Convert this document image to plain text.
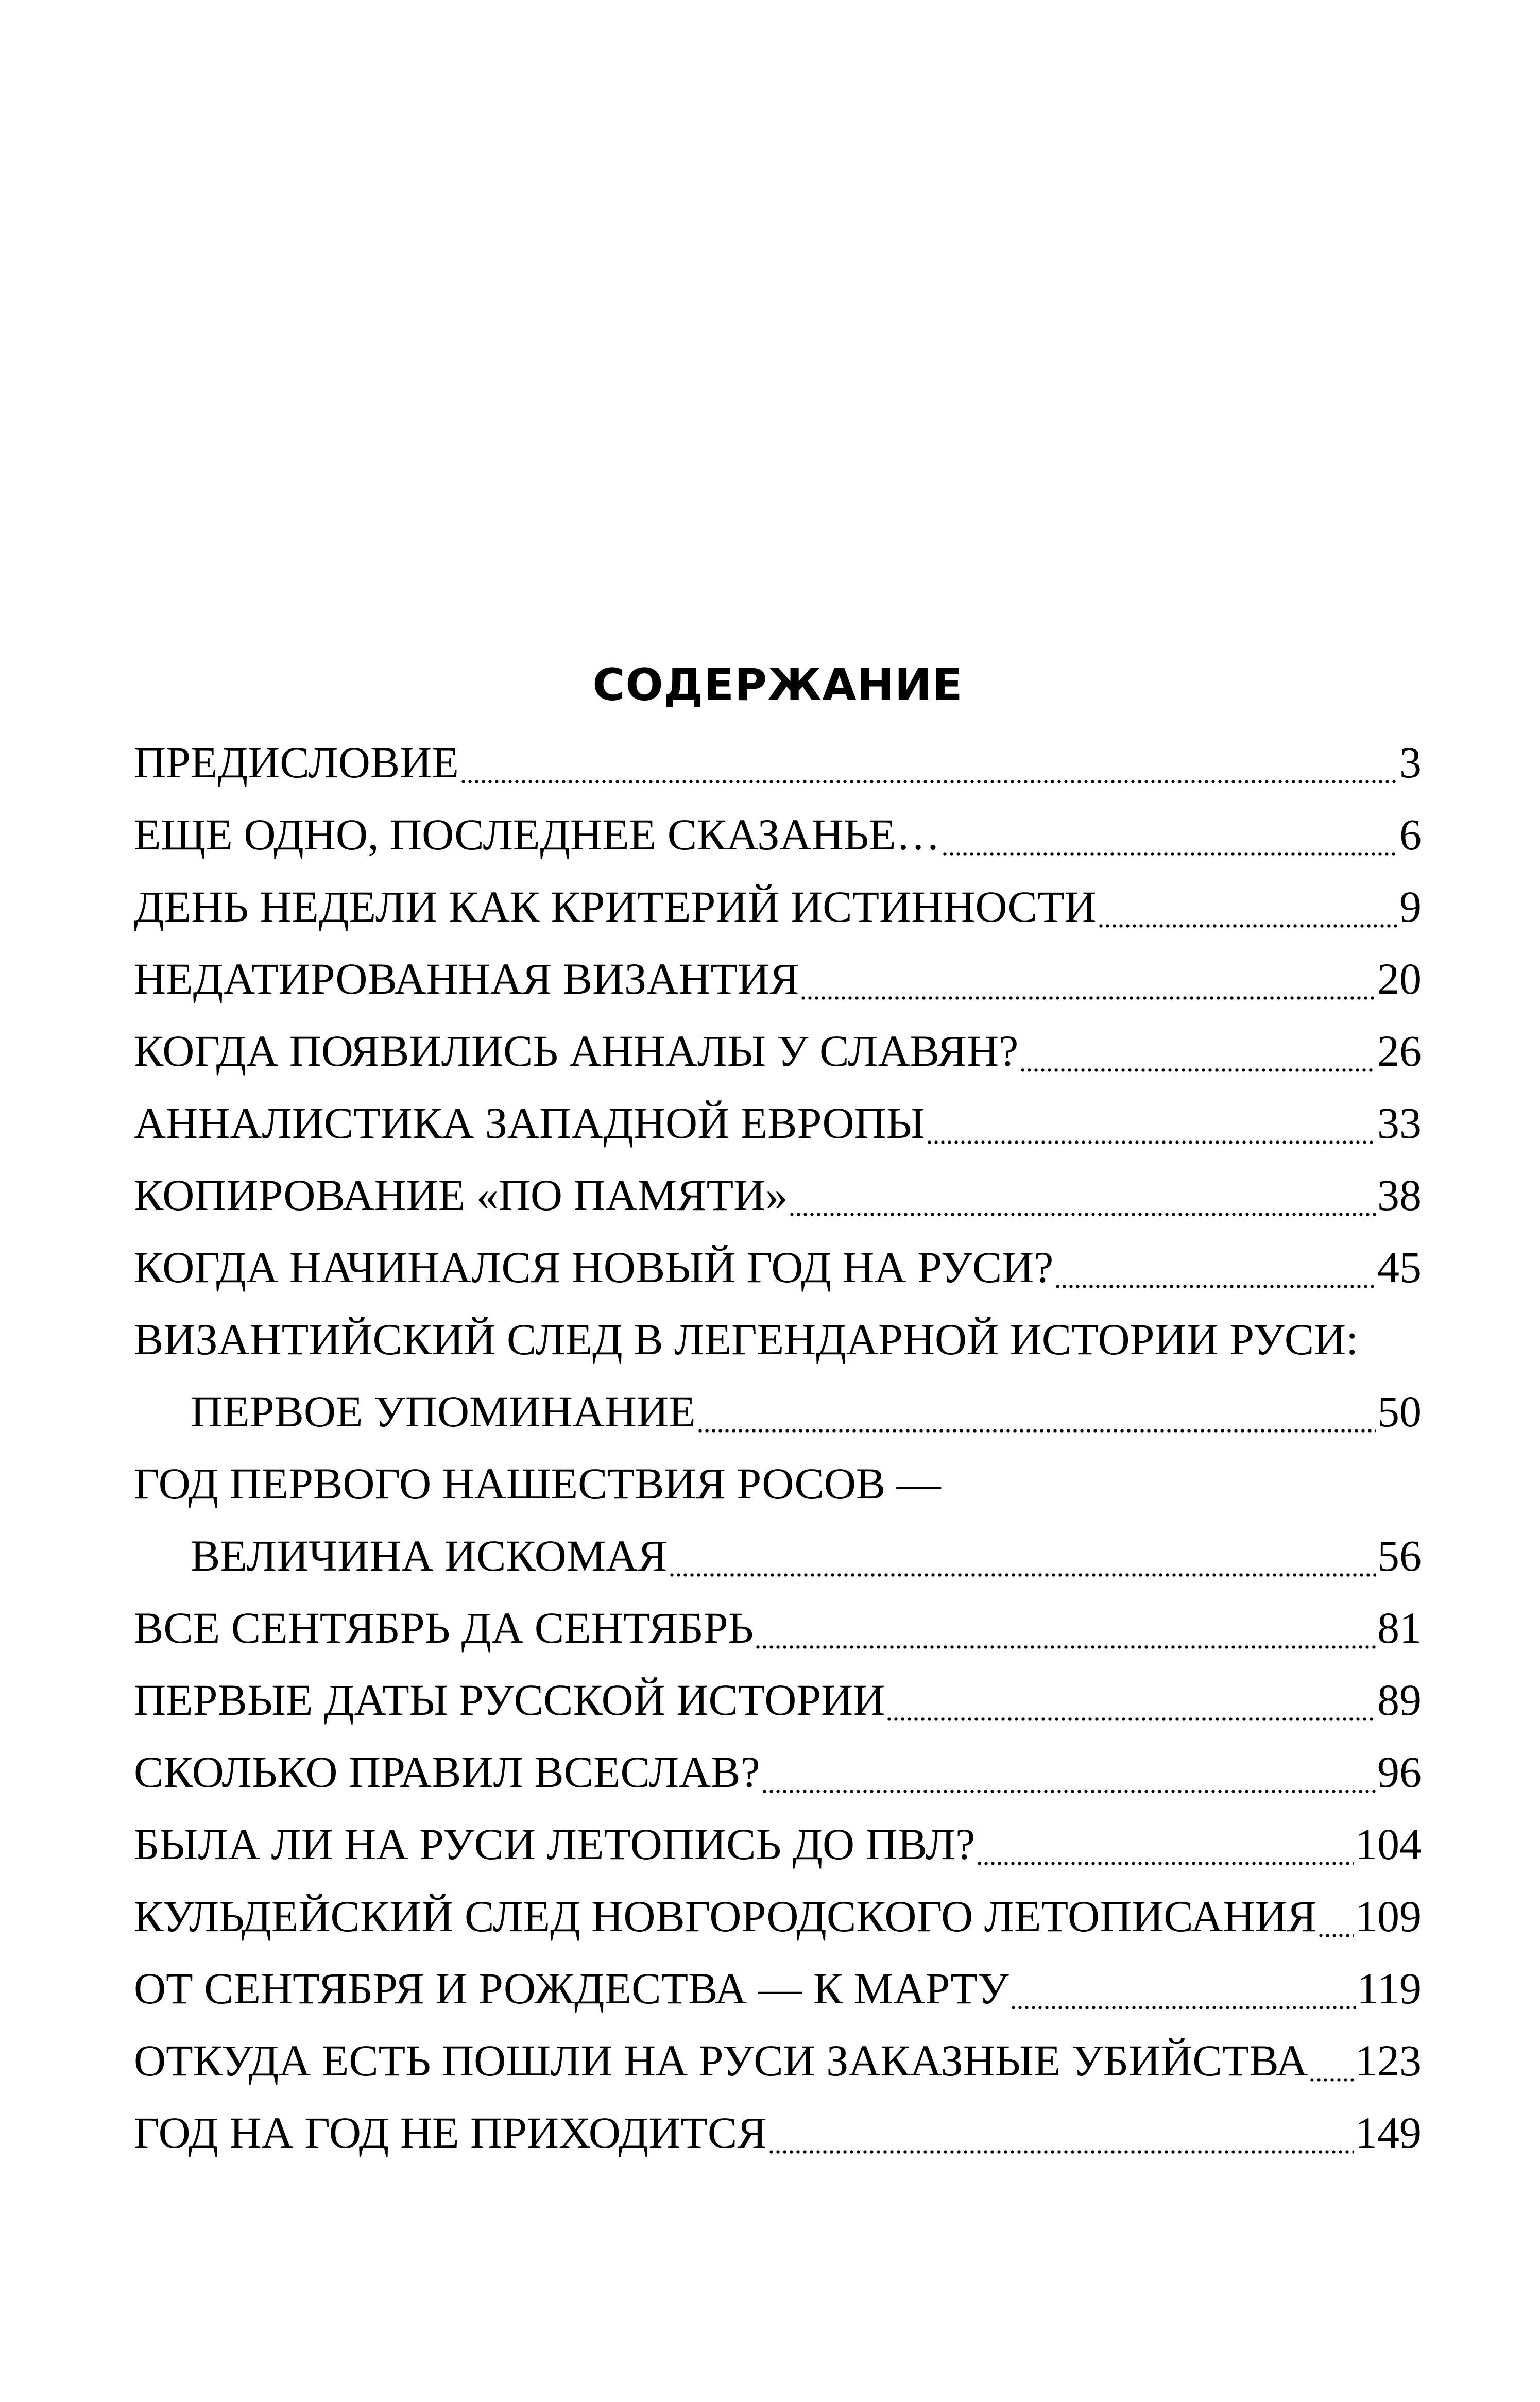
СОДЕРЖАНИЕ
ПРЕДИСЛОВИЕ	3
ЕЩЕ ОДНО, ПОСЛЕДНЕЕ СКАЗАНЬЕ…	6
ДЕНЬ НЕДЕЛИ КАК КРИТЕРИЙ ИСТИННОСТИ	9
НЕДАТИРОВАННАЯ ВИЗАНТИЯ	20
КОГДА ПОЯВИЛИСЬ АННАЛЫ У СЛАВЯН?	26
АННАЛИСТИКА ЗАПАДНОЙ ЕВРОПЫ	33
КОПИРОВАНИЕ «ПО ПАМЯТИ»	38
КОГДА НАЧИНАЛСЯ НОВЫЙ ГОД НА РУСИ?	45
ВИЗАНТИЙСКИЙ СЛЕД В ЛЕГЕНДАРНОЙ ИСТОРИИ РУСИ:
ПЕРВОЕ УПОМИНАНИЕ	50
ГОД ПЕРВОГО НАШЕСТВИЯ РОСОВ —
ВЕЛИЧИНА ИСКОМАЯ	56
ВСЕ СЕНТЯБРЬ ДА СЕНТЯБРЬ	81
ПЕРВЫЕ ДАТЫ РУССКОЙ ИСТОРИИ	89
СКОЛЬКО ПРАВИЛ ВСЕСЛАВ?	96
БЫЛА ЛИ НА РУСИ ЛЕТОПИСЬ ДО ПВЛ?	104
КУЛЬДЕЙСКИЙ СЛЕД НОВГОРОДСКОГО ЛЕТОПИСАНИЯ 109
ОТ СЕНТЯБРЯ И РОЖДЕСТВА — К МАРТУ	119
ОТКУДА ЕСТЬ ПОШЛИ НА РУСИ ЗАКАЗНЫЕ УБИЙСТВА 123
ГОД НА ГОД НЕ ПРИХОДИТСЯ	149
